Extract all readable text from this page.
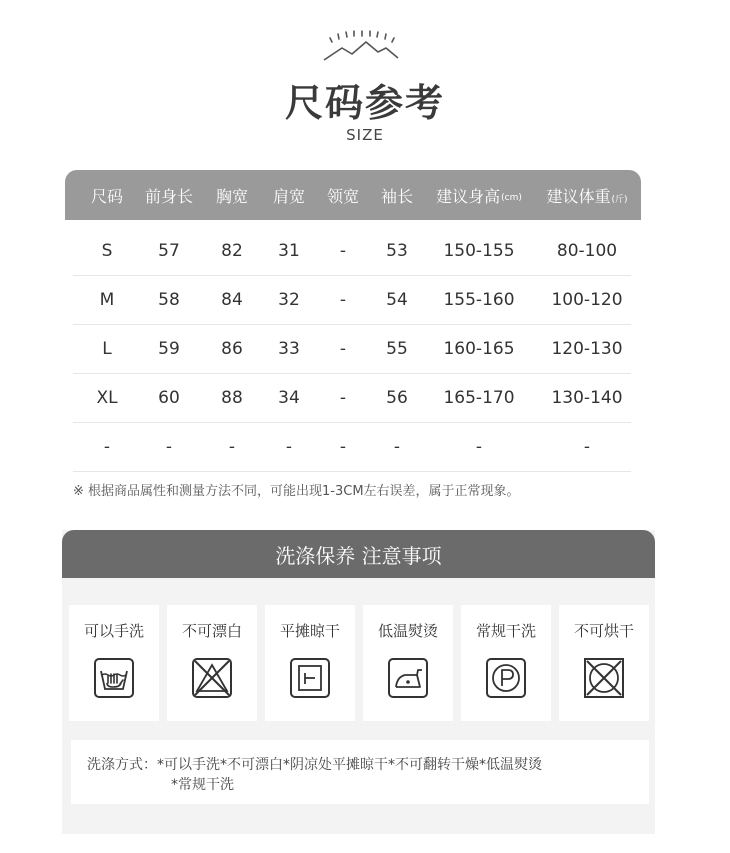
尺码参考
SIZE
尺码 前身长 胸宽 肩宽 领宽 袖长 建议身高 (cm) 建议体重 (斤)
S	57	82	31	-	53	150-155	80-100
M	58	84	32	-	54	155-160	100-120
L	59	86	33	-	55	160-165	120-130
XL	60	88	34	-	56	165-170	130-140
-	-	-	-	-	-	-	-
※ 根据商品属性和测量方法不同，可能出现1-3CM左右误差，属于正常现象。
洗涤保养 注意事项
可以手洗	不可漂白	平摊晾干	低温熨烫	常规干洗	不可烘干
洗涤方式：*可以手洗*不可漂白*阴凉处平摊晾干*不可翻转干燥*低温熨烫
*常规干洗
